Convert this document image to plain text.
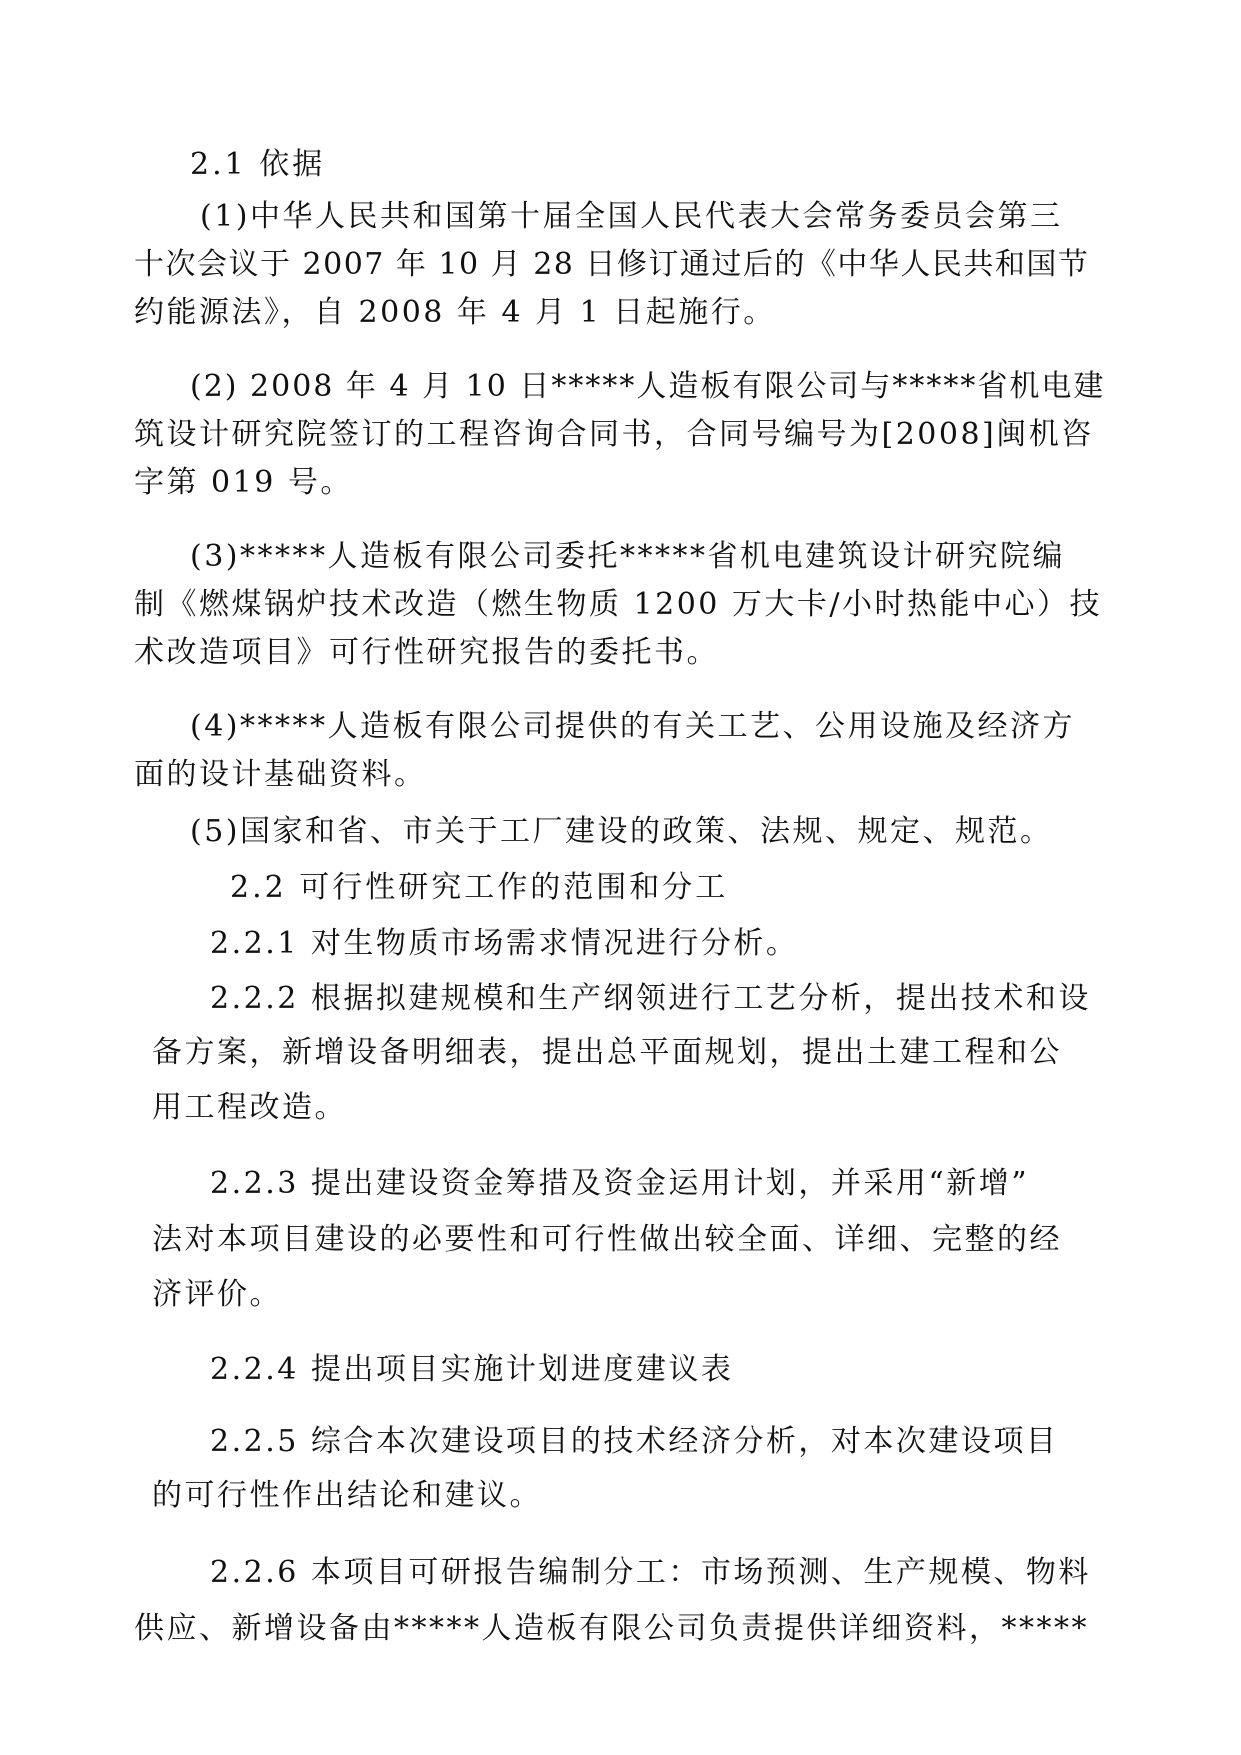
2.1 依据
(1)中华人民共和国第十届全国人民代表大会常务委员会第三
十次会议于 2007 年 10 月 28 日修订通过后的《中华人民共和国节
约能源法》，自 2008 年 4 月 1 日起施行。
(2) 2008 年 4 月 10 日*****人造板有限公司与*****省机电建
筑设计研究院签订的工程咨询合同书，合同号编号为[2008]闽机咨
字第 019 号。
(3)*****人造板有限公司委托*****省机电建筑设计研究院编
制《燃煤锅炉技术改造（燃生物质 1200 万大卡/小时热能中心）技
术改造项目》可行性研究报告的委托书。
(4)*****人造板有限公司提供的有关工艺、公用设施及经济方
面的设计基础资料。
(5)国家和省、市关于工厂建设的政策、法规、规定、规范。
2.2 可行性研究工作的范围和分工
2.2.1 对生物质市场需求情况进行分析。
2.2.2 根据拟建规模和生产纲领进行工艺分析，提出技术和设
备方案，新增设备明细表，提出总平面规划，提出土建工程和公
用工程改造。
2.2.3 提出建设资金筹措及资金运用计划，并采用“新增”
法对本项目建设的必要性和可行性做出较全面、详细、完整的经
济评价。
2.2.4 提出项目实施计划进度建议表
2.2.5 综合本次建设项目的技术经济分析，对本次建设项目
的可行性作出结论和建议。
2.2.6 本项目可研报告编制分工：市场预测、生产规模、物料
供应、新增设备由*****人造板有限公司负责提供详细资料，*****
